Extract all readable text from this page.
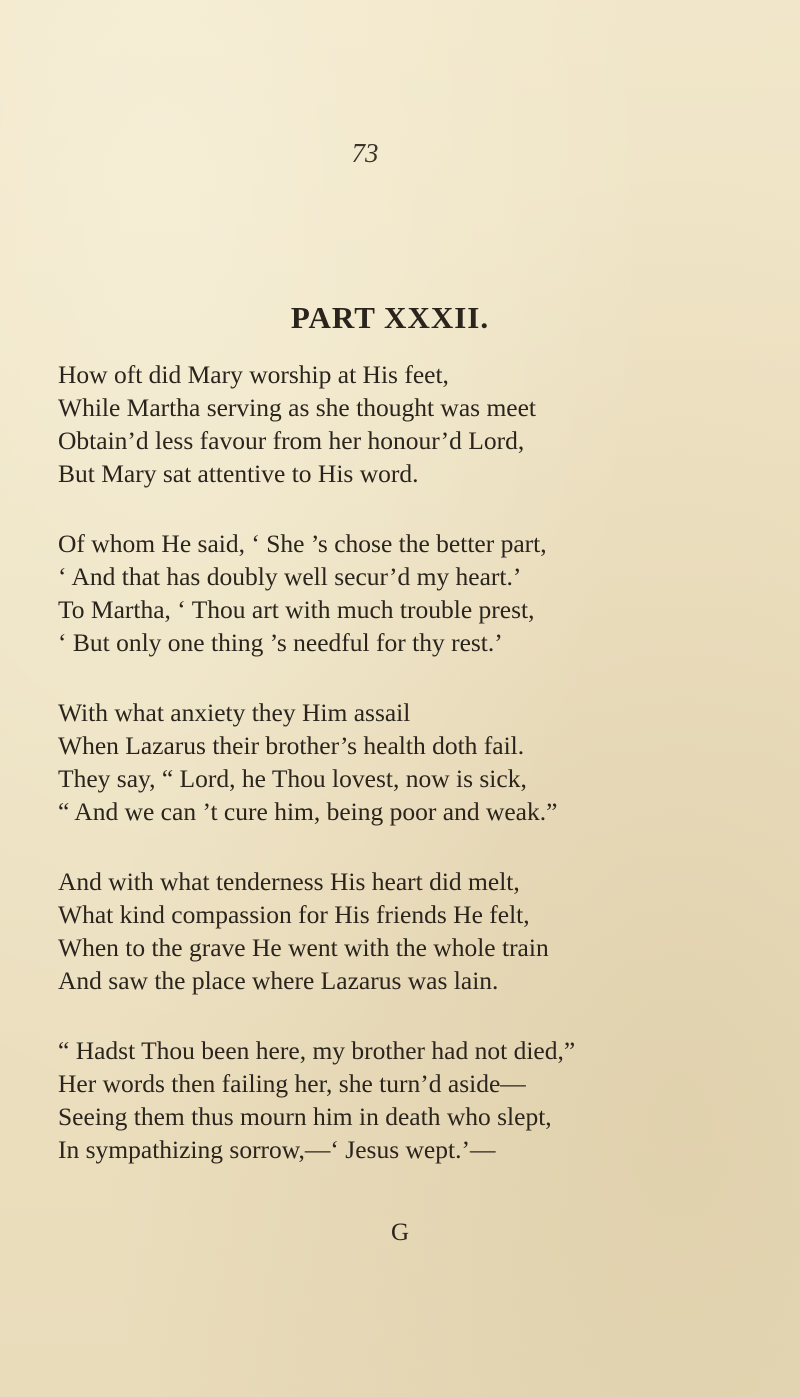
73
PART XXXII.
How oft did Mary worship at His feet,
While Martha serving as she thought was meet
Obtain’d less favour from her honour’d Lord,
But Mary sat attentive to His word.
Of whom He said, ‘ She ’s chose the better part,
‘ And that has doubly well secur’d my heart.’
To Martha, ‘ Thou art with much trouble prest,
‘ But only one thing ’s needful for thy rest.’
With what anxiety they Him assail
When Lazarus their brother’s health doth fail.
They say, “ Lord, he Thou lovest, now is sick,
“ And we can ’t cure him, being poor and weak.”
And with what tenderness His heart did melt,
What kind compassion for His friends He felt,
When to the grave He went with the whole train
And saw the place where Lazarus was lain.
“ Hadst Thou been here, my brother had not died,”
Her words then failing her, she turn’d aside—
Seeing them thus mourn him in death who slept,
In sympathizing sorrow,—‘ Jesus wept.’—
G
